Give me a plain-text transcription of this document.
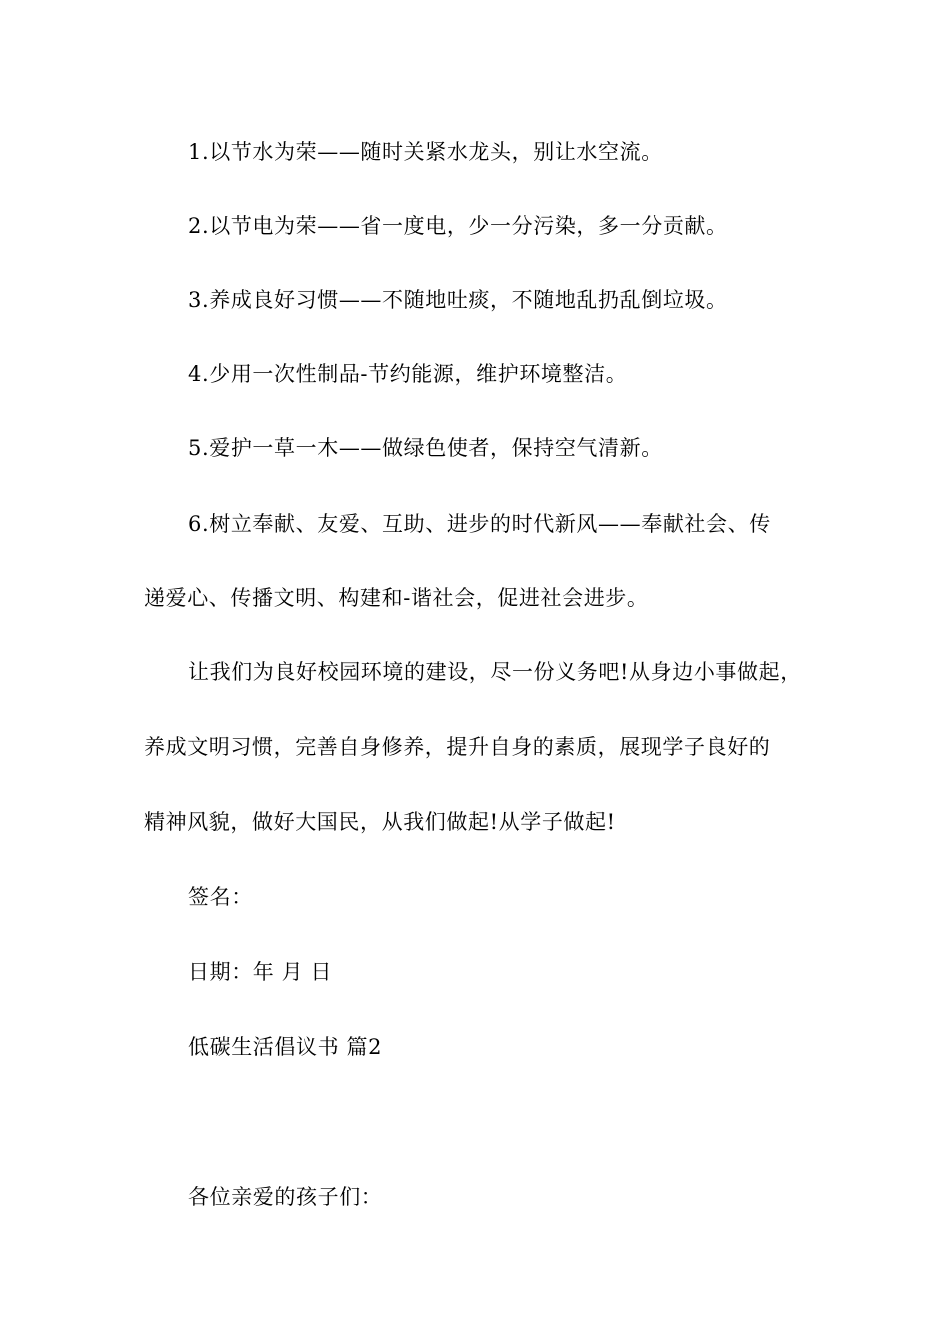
1.以节水为荣——随时关紧水龙头，别让水空流。
2.以节电为荣——省一度电，少一分污染，多一分贡献。
3.养成良好习惯——不随地吐痰，不随地乱扔乱倒垃圾。
4.少用一次性制品-节约能源，维护环境整洁。
5.爱护一草一木——做绿色使者，保持空气清新。
6.树立奉献、友爱、互助、进步的时代新风——奉献社会、传
递爱心、传播文明、构建和-谐社会，促进社会进步。
让我们为良好校园环境的建设，尽一份义务吧!从身边小事做起，
养成文明习惯，完善自身修养，提升自身的素质，展现学子良好的
精神风貌，做好大国民，从我们做起!从学子做起!
签名：
日期：年 月 日
低碳生活倡议书 篇2
各位亲爱的孩子们：
